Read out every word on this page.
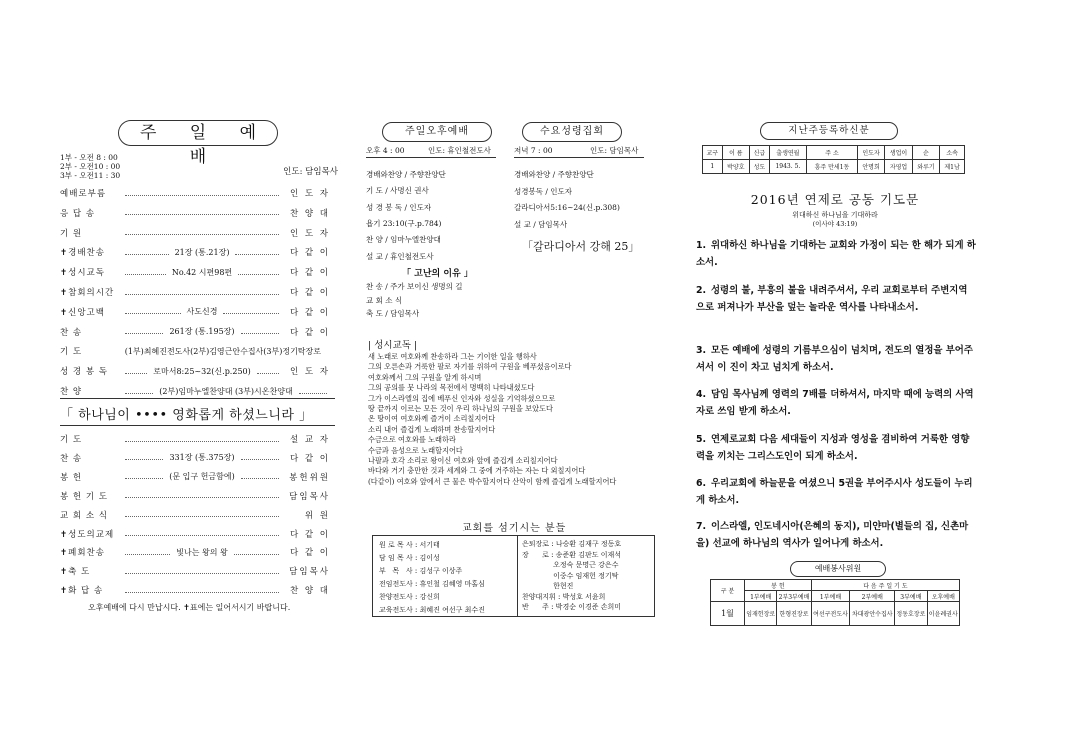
주 일 예 배
1부 - 오전 8 : 00
2부 - 오전10 : 00
3부 - 오전11 : 30	인도: 담임목사
예배로부름	인 도 자
응 답 송	찬 양 대
기 원	인 도 자
✝경배찬송	21장 (통.21장)	다 같 이
✝성시교독	No.42 시편98편	다 같 이
✝참회의시간	다 같 이
✝신앙고백	사도신경	다 같 이
찬 송	261장 (통.195장)	다 같 이
기 도	(1부)최혜진전도사(2부)김영근안수집사(3부)정기탁장로
성 경 봉 독	로마서8:25~32(신.p.250)	인 도 자
찬 양	(2부)임마누엘찬양대 (3부)시온찬양대
「 하나님이 •••• 영화롭게 하셨느니라 」
기 도	설 교 자
찬 송	331장 (통.375장)	다 같 이
봉 헌	(문 입구 헌금함에)	봉헌위원
봉 헌 기 도	담임목사
교 회 소 식	위 원
✝성도의교제	다 같 이
✝폐회찬송	빛나는 왕의 왕	다 같 이
✝축 도	담임목사
✝화 답 송	찬 양 대
오후예배에 다시 만납시다. ✝표에는 일어서시기 바랍니다.
주일오후예배
오후 4 : 00	인도: 휴인철전도사
경배와찬양 / 주향찬양단
기 도 / 사명신 권사
성 경 봉 독 / 인도자
욥기 23:10(구.p.784)
찬 양 / 임마누엘찬양대
설 교 / 휴인철전도사
「 고난의 이유 」
찬 송 / 주가 보이신 생명의 길
교 회 소 식
축 도 / 담임목사
수요성령집회
저녁 7 : 00	인도: 담임목사
경배와찬양 / 주향찬양단
성경봉독 / 인도자
갈라디아서5:16~24(신.p.308)
설 교 / 담임목사
「갈라디아서 강해 25」
| 성시교독 |
새 노래로 여호와께 찬송하라 그는 기이한 일을 행하사
그의 오른손과 거룩한 팔로 자기를 위하여 구원을 베푸셨음이로다
여호와께서 그의 구원을 알게 하시며
그의 공의를 뭇 나라의 목전에서 명백히 나타내셨도다
그가 이스라엘의 집에 베푸신 인자와 성실을 기억하셨으므로
땅 끝까지 이르는 모든 것이 우리 하나님의 구원을 보았도다
온 땅이여 여호와께 즐거이 소리칠지어다
소리 내어 즐겁게 노래하며 찬송할지어다
수금으로 여호와를 노래하라
수금과 음성으로 노래할지어다
나팔과 호각 소리로 왕이신 여호와 앞에 즐겁게 소리칠지어다
바다와 거기 충만한 것과 세계와 그 중에 거주하는 자는 다 외칠지어다
(다같이) 여호와 앞에서 큰 물은 박수할지어다 산악이 함께 즐겁게 노래할지어다
교회를 섬기시는 분들
원 로 목 사 : 서기태
담 임 목 사 : 김이성
부   목   사 : 김성구 이상주
전임전도사 : 휴인철 김혜영 마홀심
찬양전도사 : 강신희
교육전도사 : 최혜진 여선구 최수진
은퇴장로 : 나승환 김재구 정동호
장      로 : 송준환 김판도 이재석
오정숙 문명근 강은수
이중수 임재헌 정기탁
한현진
찬양대지휘 : 박성호 서윤희
반      주 : 박경순 이경준 손희미
지난주등록하신분
교구	이 름	신급	출생연월	주 소	인도자	생업이	순	소속
1	박양호	성도	1943. 5.	흥주 만세1동	안명희	자영업	와루기	제1남
2016년 연제로 공동 기도문
위대하신 하나님을 기대하라
(이사야 43:19)
1. 위대하신 하나님을 기대하는 교회와 가정이 되는 한 해가 되게 하소서.
2. 성령의 불, 부흥의 불을 내려주셔서, 우리 교회로부터 주변지역으로 퍼져나가 부산을 덮는 놀라운 역사를 나타내소서.
3. 모든 예배에 성령의 기름부으심이 넘치며, 전도의 열정을 부어주셔서 이 진이 차고 넘치게 하소서.
4. 담임 목사님께 영력의 7배를 더하셔서, 마지막 때에 능력의 사역자로 쓰임 받게 하소서.
5. 연제로교회 다음 세대들이 지성과 영성을 겸비하여 거룩한 영향력을 끼치는 그리스도인이 되게 하소서.
6. 우리교회에 하늘문을 여셨으니 5권을 부어주시사 성도들이 누리게 하소서.
7. 이스라엘, 인도네시아(은혜의 동지), 미얀마(별들의 집, 신촌마을) 선교에 하나님의 역사가 일어나게 하소서.
예배봉사위원
구 분	봉 헌		다 음 주 일 기 도			
	1부예배	2부3부예배	1부예배	2부예배	3부예배	오후예배
1월	임재헌장로	한형진장로	여선구전도사	차대광안수집사	정동호장로	이윤례권사
